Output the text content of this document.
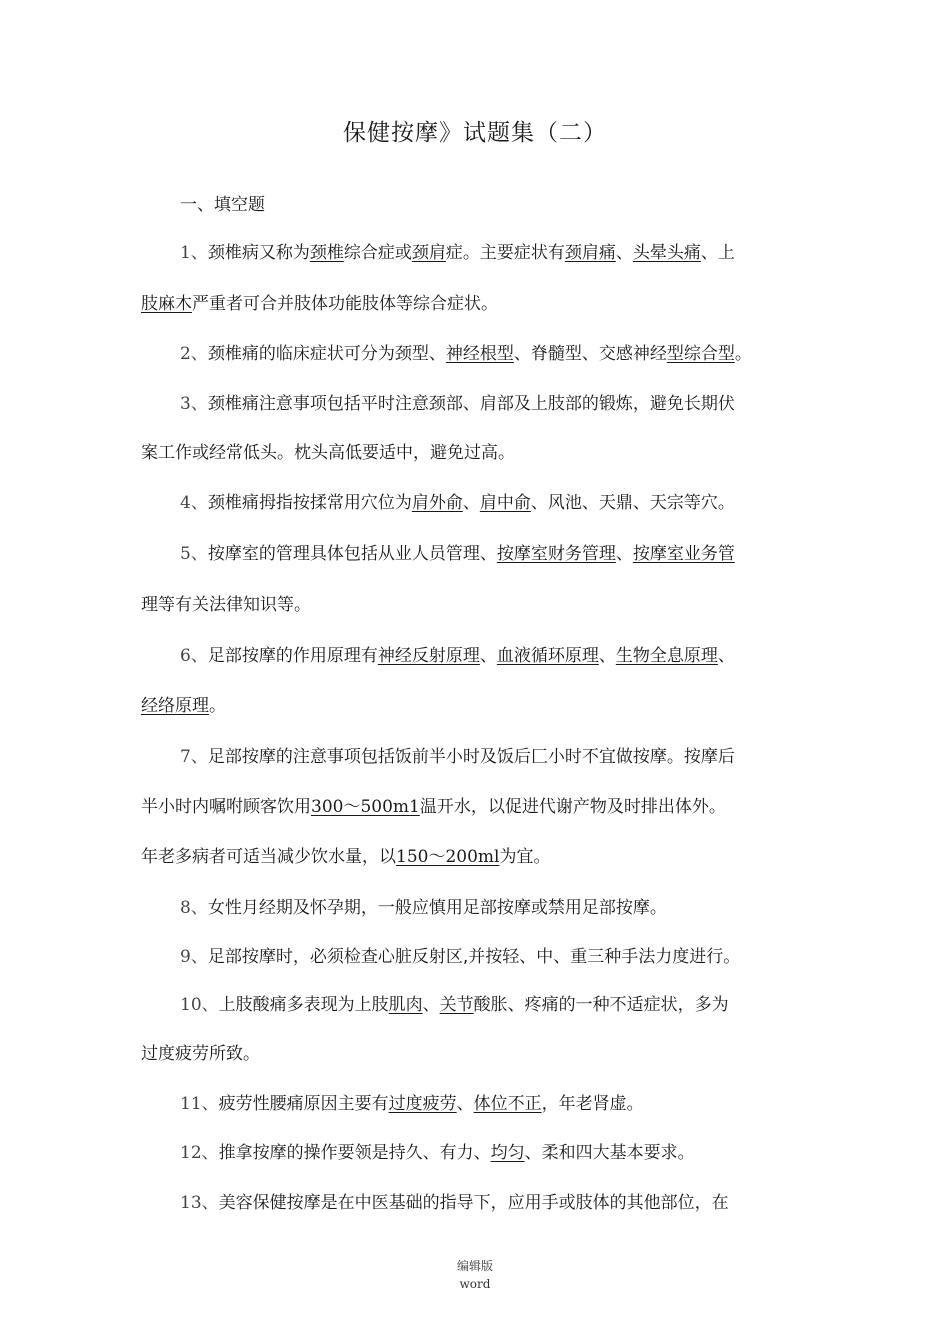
保健按摩》试题集（二）
一、填空题
1、颈椎病又称为颈椎综合症或颈肩症。主要症状有颈肩痛、头晕头痛、上
肢麻木严重者可合并肢体功能肢体等综合症状。
2、颈椎痛的临床症状可分为颈型、神经根型、脊髓型、交感神经型综合型。
3、颈椎痛注意事项包括平时注意颈部、肩部及上肢部的锻炼，避免长期伏
案工作或经常低头。枕头高低要适中，避免过高。
4、颈椎痛拇指按揉常用穴位为肩外俞、肩中俞、风池、天鼎、天宗等穴。
5、按摩室的管理具体包括从业人员管理、按摩室财务管理、按摩室业务管
理等有关法律知识等。
6、足部按摩的作用原理有神经反射原理、血液循环原理、生物全息原理、
经络原理。
7、足部按摩的注意事项包括饭前半小时及饭后匚小时不宜做按摩。按摩后
半小时内嘱咐顾客饮用300～500m1温开水，以促进代谢产物及时排出体外。
年老多病者可适当减少饮水量，以150～200ml为宜。
8、女性月经期及怀孕期，一般应慎用足部按摩或禁用足部按摩。
9、足部按摩时，必须检查心脏反射区,并按轻、中、重三种手法力度进行。
10、上肢酸痛多表现为上肢肌肉、关节酸胀、疼痛的一种不适症状，多为
过度疲劳所致。
11、疲劳性腰痛原因主要有过度疲劳、体位不正，年老肾虚。
12、推拿按摩的操作要领是持久、有力、均匀、柔和四大基本要求。
13、美容保健按摩是在中医基础的指导下，应用手或肢体的其他部位，在
编辑版
word
